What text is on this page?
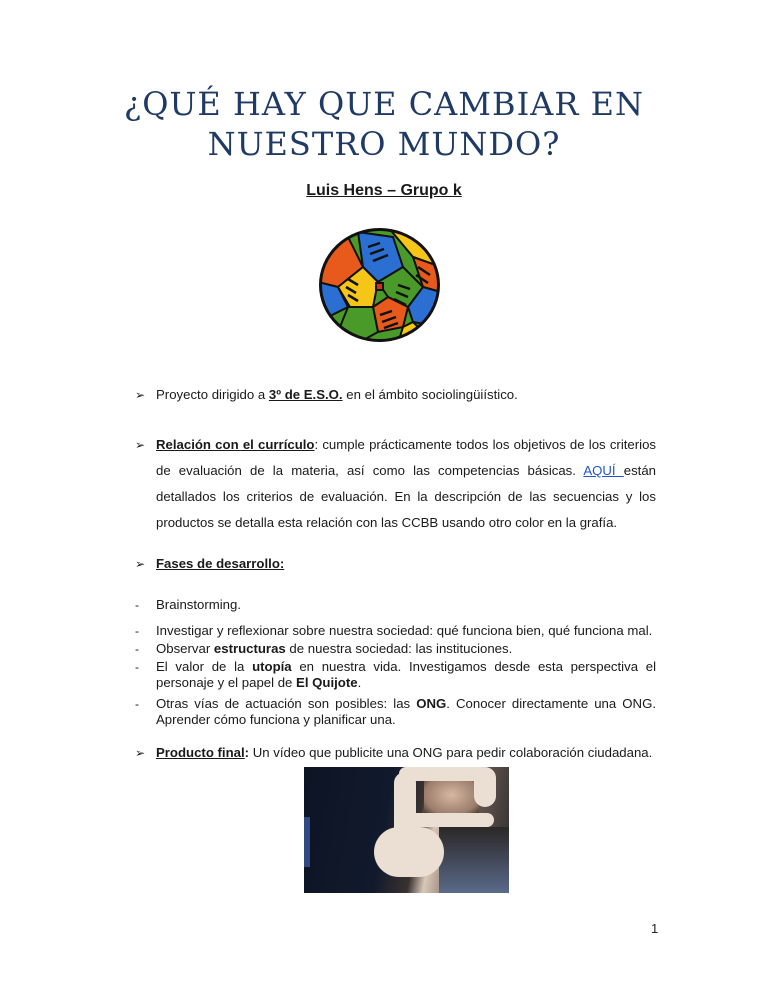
¿QUÉ HAY QUE CAMBIAR EN
NUESTRO MUNDO?
Luis Hens – Grupo k
➢ Proyecto dirigido a 3º de E.S.O. en el ámbito sociolingüiístico.
➢ Relación con el currículo: cumple prácticamente todos los objetivos de los criterios de evaluación de la materia, así como las competencias básicas. AQUÍ están detallados los criterios de evaluación. En la descripción de las secuencias y los productos se detalla esta relación con las CCBB usando otro color en la grafía.
➢ Fases de desarrollo:
-	Brainstorming.
-	Investigar y reflexionar sobre nuestra sociedad: qué funciona bien, qué funciona mal.
-	Observar estructuras de nuestra sociedad: las instituciones.
-	El valor de la utopía en nuestra vida. Investigamos desde esta perspectiva el personaje y el papel de El Quijote.
-	Otras vías de actuación son posibles: las ONG. Conocer directamente una ONG. Aprender cómo funciona y planificar una.
➢ Producto final: Un vídeo que publicite una ONG para pedir colaboración ciudadana.
1
